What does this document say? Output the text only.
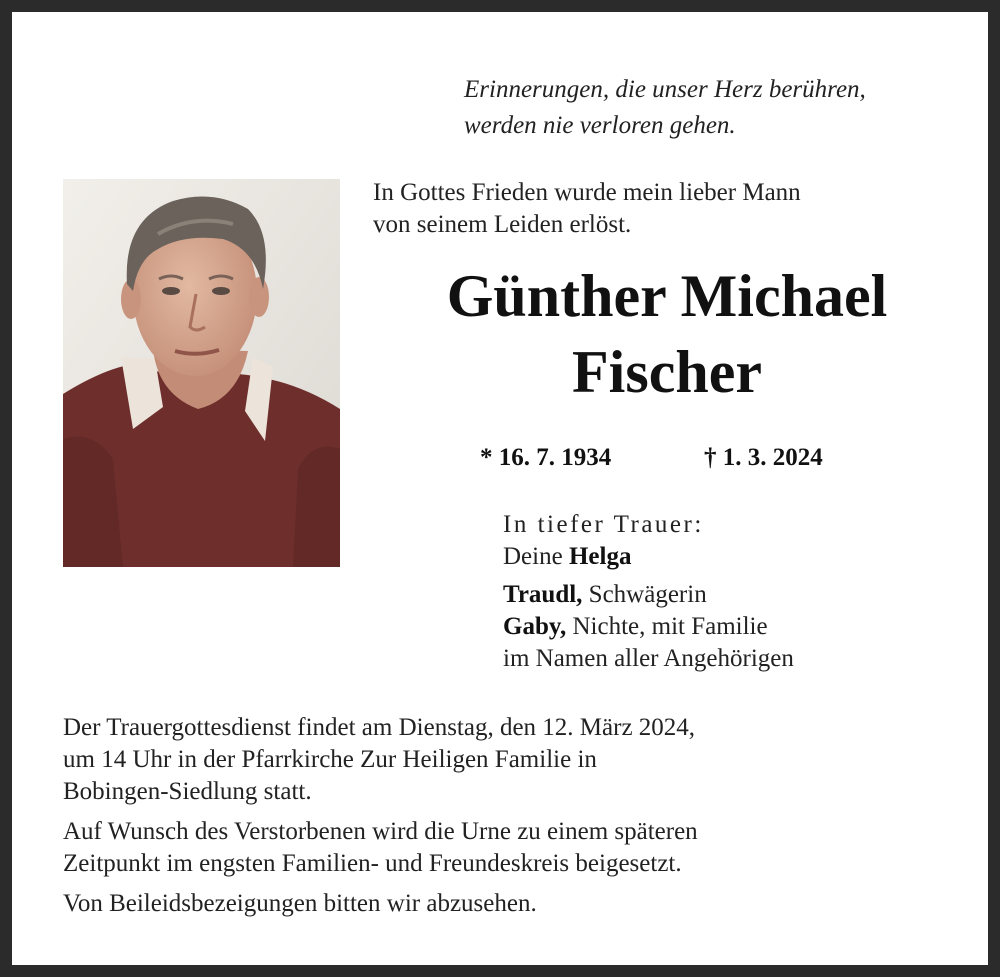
Erinnerungen, die unser Herz berühren,
werden nie verloren gehen.
In Gottes Frieden wurde mein lieber Mann
von seinem Leiden erlöst.
Günther Michael
Fischer
* 16. 7. 1934	† 1. 3. 2024
In tiefer Trauer:
Deine Helga
Traudl, Schwägerin
Gaby, Nichte, mit Familie
im Namen aller Angehörigen
Der Trauergottesdienst findet am Dienstag, den 12. März 2024,
um 14 Uhr in der Pfarrkirche Zur Heiligen Familie in
Bobingen-Siedlung statt.
Auf Wunsch des Verstorbenen wird die Urne zu einem späteren
Zeitpunkt im engsten Familien- und Freundeskreis beigesetzt.
Von Beileidsbezeigungen bitten wir abzusehen.
